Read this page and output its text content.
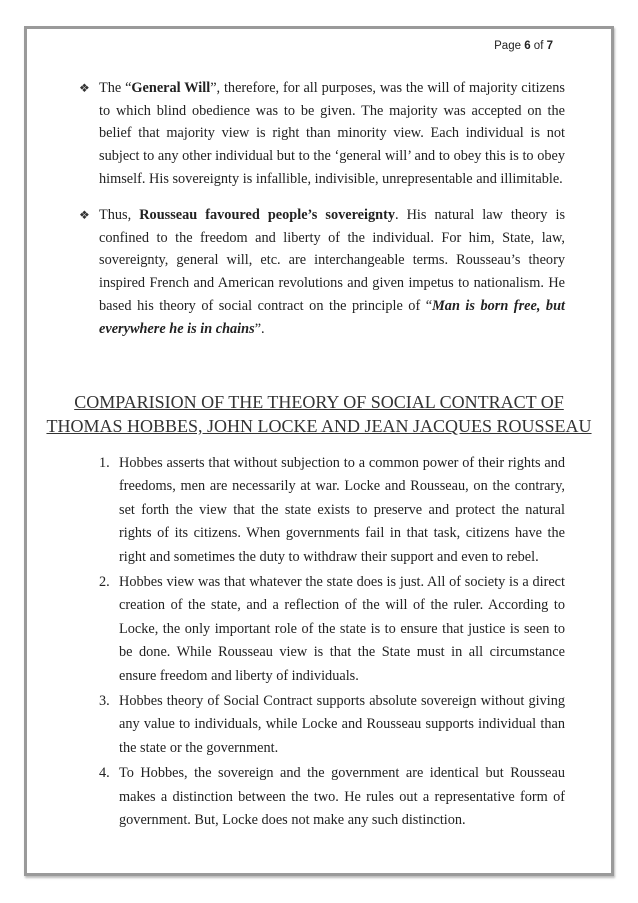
Page 6 of 7
❖ The “General Will”, therefore, for all purposes, was the will of majority citizens to which blind obedience was to be given. The majority was accepted on the belief that majority view is right than minority view. Each individual is not subject to any other individual but to the ‘general will’ and to obey this is to obey himself. His sovereignty is infallible, indivisible, unrepresentable and illimitable.
❖ Thus, Rousseau favoured people’s sovereignty. His natural law theory is confined to the freedom and liberty of the individual. For him, State, law, sovereignty, general will, etc. are interchangeable terms. Rousseau’s theory inspired French and American revolutions and given impetus to nationalism. He based his theory of social contract on the principle of “Man is born free, but everywhere he is in chains”.
COMPARISION OF THE THEORY OF SOCIAL CONTRACT OF
THOMAS HOBBES, JOHN LOCKE AND JEAN JACQUES ROUSSEAU
1. Hobbes asserts that without subjection to a common power of their rights and freedoms, men are necessarily at war. Locke and Rousseau, on the contrary, set forth the view that the state exists to preserve and protect the natural rights of its citizens. When governments fail in that task, citizens have the right and sometimes the duty to withdraw their support and even to rebel.
2. Hobbes view was that whatever the state does is just. All of society is a direct creation of the state, and a reflection of the will of the ruler. According to Locke, the only important role of the state is to ensure that justice is seen to be done. While Rousseau view is that the State must in all circumstance ensure freedom and liberty of individuals.
3. Hobbes theory of Social Contract supports absolute sovereign without giving any value to individuals, while Locke and Rousseau supports individual than the state or the government.
4. To Hobbes, the sovereign and the government are identical but Rousseau makes a distinction between the two. He rules out a representative form of government. But, Locke does not make any such distinction.
